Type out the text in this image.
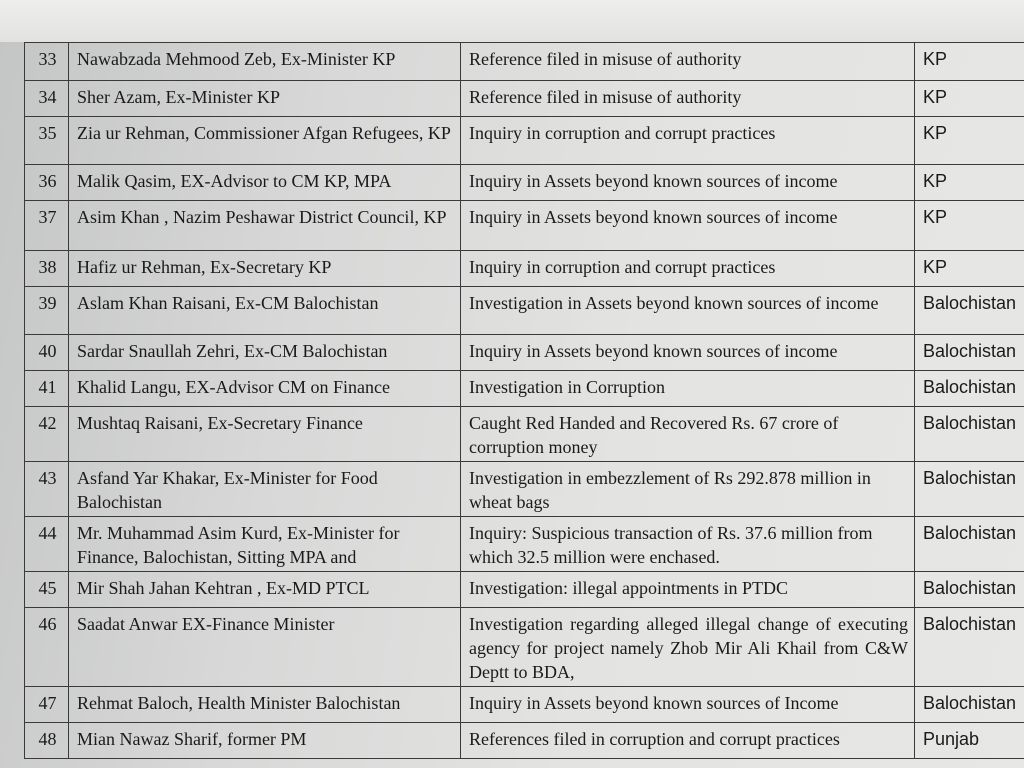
33	Nawabzada Mehmood Zeb, Ex-Minister KP	Reference filed in misuse of authority	KP
34	Sher Azam, Ex-Minister KP	Reference filed in misuse of authority	KP
35	Zia ur Rehman, Commissioner Afgan Refugees, KP	Inquiry in corruption and corrupt practices	KP
36	Malik Qasim, EX-Advisor to CM KP, MPA	Inquiry in Assets beyond known sources of income	KP
37	Asim Khan , Nazim Peshawar District Council, KP	Inquiry in Assets beyond known sources of income	KP
38	Hafiz ur Rehman, Ex-Secretary KP	Inquiry in corruption and corrupt practices	KP
39	Aslam Khan Raisani, Ex-CM Balochistan	Investigation in Assets beyond known sources of income	Balochistan
40	Sardar Snaullah Zehri, Ex-CM Balochistan	Inquiry in Assets beyond known sources of income	Balochistan
41	Khalid Langu, EX-Advisor CM on Finance	Investigation in Corruption	Balochistan
42	Mushtaq Raisani, Ex-Secretary Finance	Caught Red Handed and Recovered Rs. 67 crore of corruption money	Balochistan
43	Asfand Yar Khakar, Ex-Minister for Food Balochistan	Investigation in embezzlement of Rs 292.878 million in wheat bags	Balochistan
44	Mr. Muhammad Asim Kurd, Ex-Minister for Finance, Balochistan, Sitting MPA and	Inquiry: Suspicious transaction of Rs. 37.6 million from which 32.5 million were enchased.	Balochistan
45	Mir Shah Jahan Kehtran , Ex-MD PTCL	Investigation: illegal appointments in PTDC	Balochistan
46	Saadat Anwar EX-Finance Minister	Investigation regarding alleged illegal change of executing agency for project namely Zhob Mir Ali Khail from C&W Deptt to BDA,	Balochistan
47	Rehmat Baloch, Health Minister Balochistan	Inquiry in Assets beyond known sources of Income	Balochistan
48	Mian Nawaz Sharif, former PM	References filed in corruption and corrupt practices	Punjab
